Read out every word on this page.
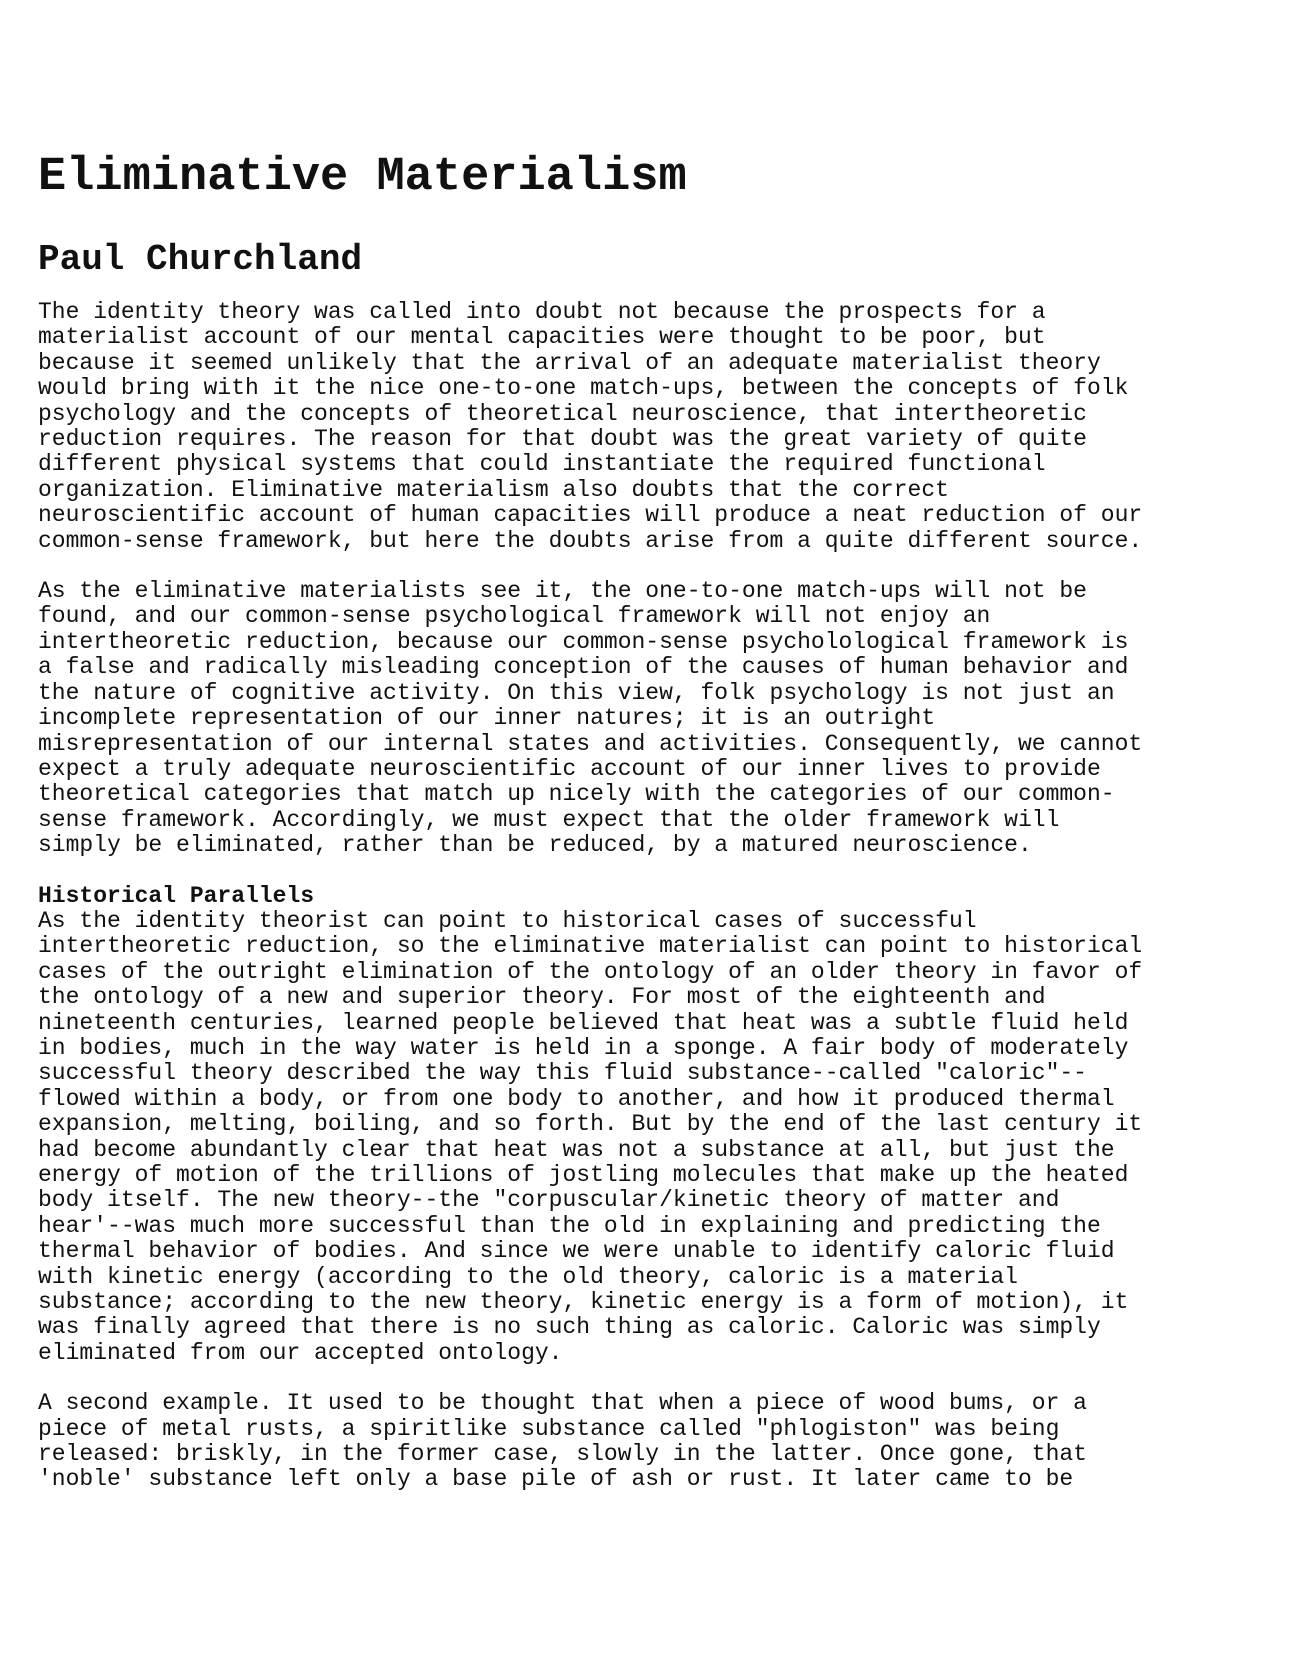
Eliminative Materialism
Paul Churchland

The identity theory was called into doubt not because the prospects for a
materialist account of our mental capacities were thought to be poor, but
because it seemed unlikely that the arrival of an adequate materialist theory
would bring with it the nice one-to-one match-ups, between the concepts of folk
psychology and the concepts of theoretical neuroscience, that intertheoretic
reduction requires. The reason for that doubt was the great variety of quite
different physical systems that could instantiate the required functional
organization. Eliminative materialism also doubts that the correct
neuroscientific account of human capacities will produce a neat reduction of our
common-sense framework, but here the doubts arise from a quite different source.

As the eliminative materialists see it, the one-to-one match-ups will not be
found, and our common-sense psychological framework will not enjoy an
intertheoretic reduction, because our common-sense psycholological framework is
a false and radically misleading conception of the causes of human behavior and
the nature of cognitive activity. On this view, folk psychology is not just an
incomplete representation of our inner natures; it is an outright
misrepresentation of our internal states and activities. Consequently, we cannot
expect a truly adequate neuroscientific account of our inner lives to provide
theoretical categories that match up nicely with the categories of our common-
sense framework. Accordingly, we must expect that the older framework will
simply be eliminated, rather than be reduced, by a matured neuroscience.

Historical Parallels

As the identity theorist can point to historical cases of successful
intertheoretic reduction, so the eliminative materialist can point to historical
cases of the outright elimination of the ontology of an older theory in favor of
the ontology of a new and superior theory. For most of the eighteenth and
nineteenth centuries, learned people believed that heat was a subtle fluid held
in bodies, much in the way water is held in a sponge. A fair body of moderately
successful theory described the way this fluid substance--called "caloric"--
flowed within a body, or from one body to another, and how it produced thermal
expansion, melting, boiling, and so forth. But by the end of the last century it
had become abundantly clear that heat was not a substance at all, but just the
energy of motion of the trillions of jostling molecules that make up the heated
body itself. The new theory--the "corpuscular/kinetic theory of matter and
hear'--was much more successful than the old in explaining and predicting the
thermal behavior of bodies. And since we were unable to identify caloric fluid
with kinetic energy (according to the old theory, caloric is a material
substance; according to the new theory, kinetic energy is a form of motion), it
was finally agreed that there is no such thing as caloric. Caloric was simply
eliminated from our accepted ontology.

A second example. It used to be thought that when a piece of wood bums, or a
piece of metal rusts, a spiritlike substance called "phlogiston" was being
released: briskly, in the former case, slowly in the latter. Once gone, that
'noble' substance left only a base pile of ash or rust. It later came to be
